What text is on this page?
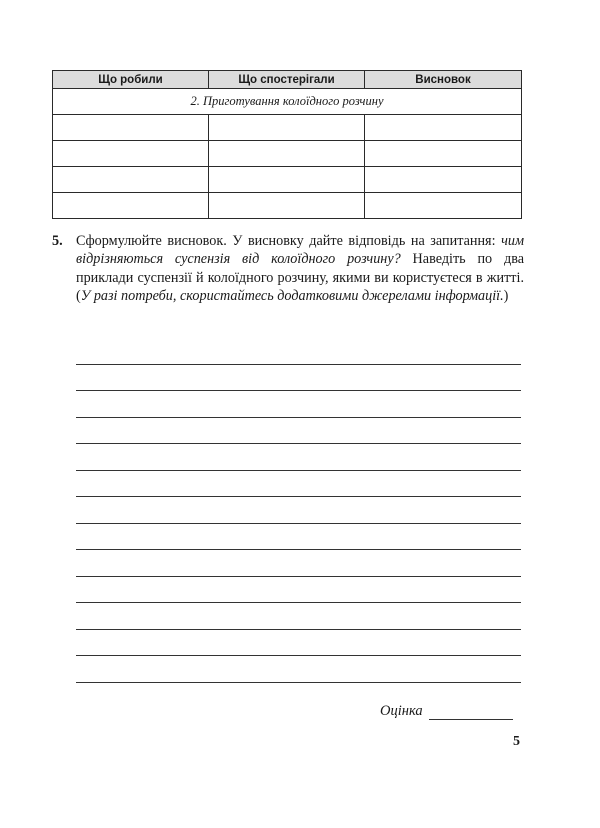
Що робили	Що спостерігали	Висновок
2. Приготування колоїдного розчину		

5. Сформулюйте висновок. У висновку дайте відповідь на запитання: чим відрізняються суспензія від колоїдного розчину? Наведіть по два приклади суспензії й колоїдного розчину, якими ви користуєтеся в житті. (У разі потреби, скористайтесь додатковими джерелами інформації.)
Оцінка
5
